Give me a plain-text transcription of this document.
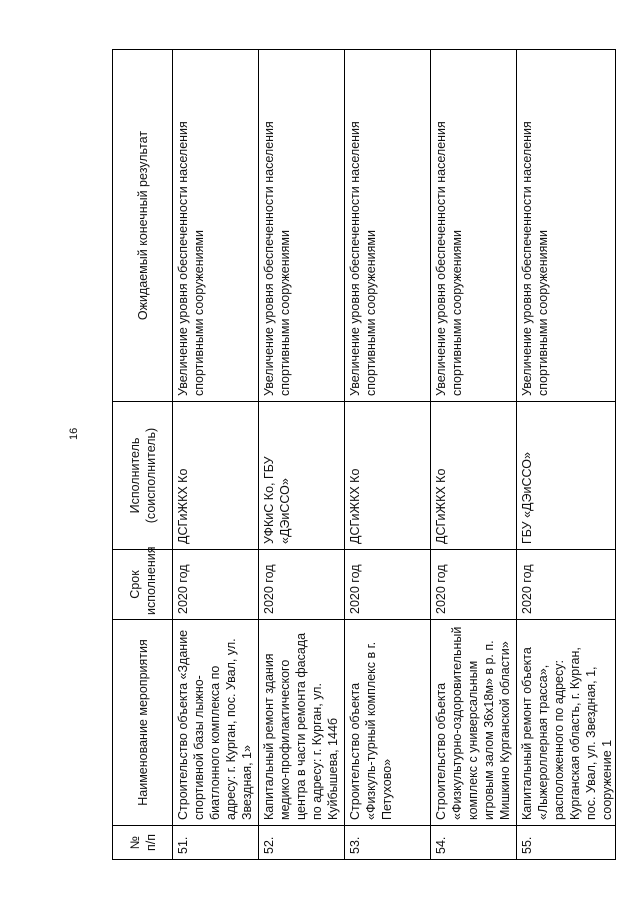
16
№ п/п	Наименование мероприятия	Срок исполнения	Исполнитель (соисполнитель)	Ожидаемый конечный результат
51.	Строительство объекта «Здание спортивной базы лыжно-биатлонного комплекса по адресу: г. Курган, пос. Увал, ул. Звездная, 1»	2020 год	ДСГиЖКХ Ко	Увеличение уровня обеспеченности населения спортивными сооружениями
52.	Капитальный ремонт здания медико-профилактического центра в части ремонта фасада по адресу: г. Курган, ул. Куйбышева, 144б	2020 год	УФКиС Ко, ГБУ «ДЭиССО»	Увеличение уровня обеспеченности населения спортивными сооружениями
53.	Строительство объекта «Физкуль-турный комплекс в г. Петухово»	2020 год	ДСГиЖКХ Ко	Увеличение уровня обеспеченности населения спортивными сооружениями
54.	Строительство объекта «Физкультурно-оздоровительный комплекс с универсальным игровым залом 36х18м» в р. п. Мишкино Курганской области»	2020 год	ДСГиЖКХ Ко	Увеличение уровня обеспеченности населения спортивными сооружениями
55.	Капитальный ремонт объекта «Лыжероллерная трасса», расположенного по адресу: Курганская область, г. Курган, пос. Увал, ул. Звездная, 1, сооружение 1	2020 год	ГБУ «ДЭиССО»	Увеличение уровня обеспеченности населения спортивными сооружениями
